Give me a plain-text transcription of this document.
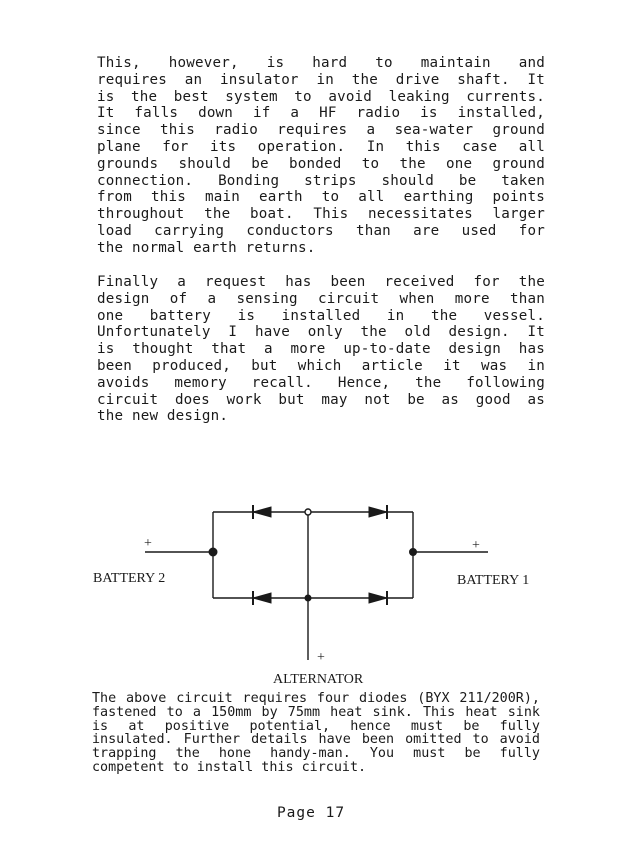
This, however, is hard to maintain and
requires an insulator in the drive shaft. It
is the best system to avoid leaking currents.
It falls down if a HF radio is installed,
since this radio requires a sea-water ground
plane for its operation. In this case all
grounds should be bonded to the one ground
connection. Bonding strips should be taken
from this main earth to all earthing points
throughout the boat. This necessitates larger
load carrying conductors than are used for
the normal earth returns.
Finally a request has been received for the
design of a sensing circuit when more than
one battery is installed in the vessel.
Unfortunately I have only the old design. It
is thought that a more up-to-date design has
been produced, but which article it was in
avoids memory recall. Hence, the following
circuit does work but may not be as good as
the new design.
+	+
+
BATTERY 2	BATTERY 1
ALTERNATOR
The above circuit requires four diodes (BYX 211/200R),
fastened to a 150mm by 75mm heat sink. This heat sink
is at positive potential, hence must be fully
insulated. Further details have been omitted to avoid
trapping the hone handy-man. You must be fully
competent to install this circuit.
Page 17
